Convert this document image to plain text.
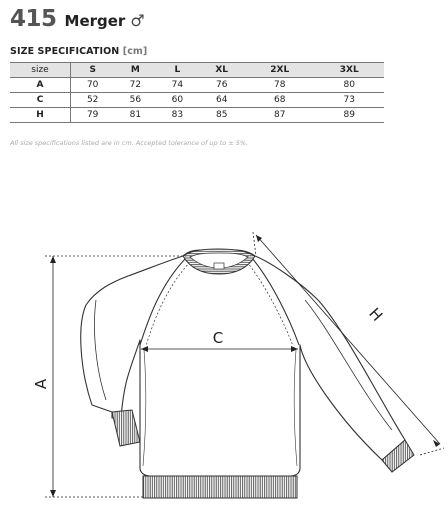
415 Merger ♂
SIZE SPECIFICATION [cm]
size	S	M	L	XL	2XL	3XL
A	70	72	74	76	78	80
C	52	56	60	64	68	73
H	79	81	83	85	87	89
All size specifications listed are in cm. Accepted tolerance of up to ± 5%.
A
C
H
